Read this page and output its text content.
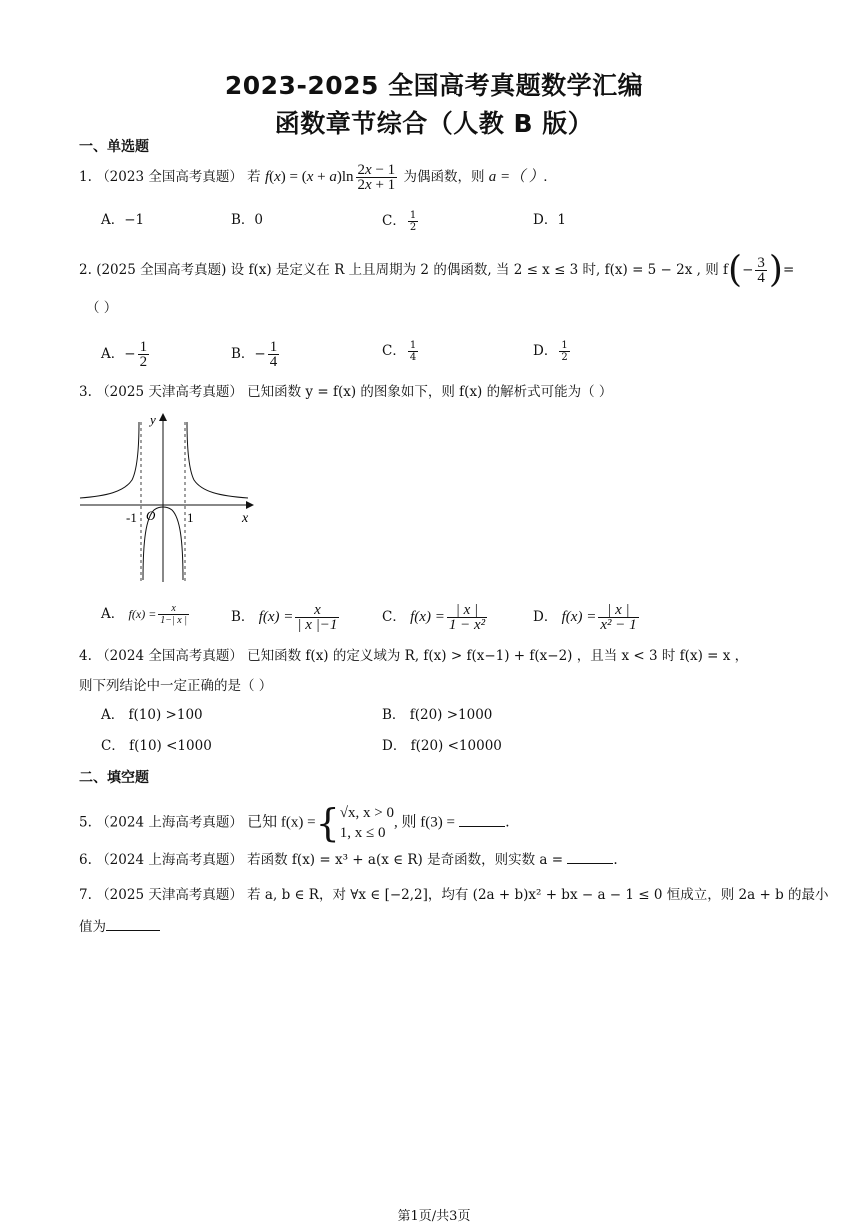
2023-2025 全国高考真题数学汇编
函数章节综合（人教 B 版）
一、单选题
1. （2023 全国高考真题） 若 $f(x) = (x + a)\ln \frac{2x - 1}{2x + 1}$ 为偶函数，则 a =（ ）.
A．−1	B．0	C． $\frac{1}{2}$	D．1
2. (2025 全国高考真题) 设 f(x) 是定义在 R 上且周期为 2 的偶函数, 当 2 ≤ x ≤ 3 时, f(x) = 5 − 2x , 则 $f(- \frac{3}{4}$ )=
（ ）
A．− $\frac{1}{2}$	B．− $\frac{1}{4}$	C． $\frac{1}{4}$	D． $\frac{1}{2}$
3. （2025 天津高考真题） 已知函数 y = f(x) 的图象如下，则 f(x) 的解析式可能为（ ）
y
x
-1 O 1
A． $f(x) = \frac{x}{1-| x |}$	B． $f(x) = \frac{x}{| x |-1}$	C． $f(x) = \frac{| x |}{\text{1 − x²}}$	D． $f(x) = \frac{| x |}{\text{x² − 1}}$
4. （2024 全国高考真题） 已知函数 f(x) 的定义域为 R, f(x) > f(x−1) + f(x−2) ，且当 x < 3 时 f(x) = x ，
则下列结论中一定正确的是（ ）
A． f(10) >100	B． f(20) >1000
C． f(10) <1000	D． f(20) <10000
二、填空题
5. （2024 上海高考真题） 已知 f(x) ={ √x, x > 0
1, x ≤ 0
, 则 f(3) =	.
6. （2024 上海高考真题） 若函数 f(x) = x³ + a(x ∈ R) 是奇函数，则实数 a =	.
7. （2025 天津高考真题） 若 a, b ∈ R，对 ∀x ∈ [−2,2]，均有 (2a + b)x² + bx − a − 1 ≤ 0 恒成立，则 2a + b 的最小
值为
第1页/共3页
